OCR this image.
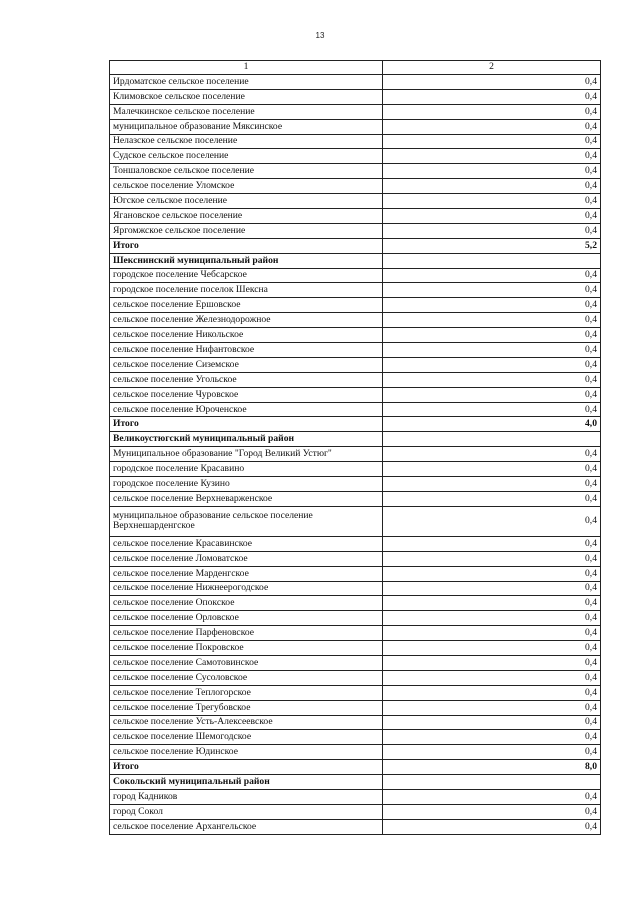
13
1	2
Ирдоматское сельское поселение	0,4
Климовское сельское поселение	0,4
Малечкинское сельское поселение	0,4
муниципальное образование Мяксинское	0,4
Нелазское сельское поселение	0,4
Судское сельское поселение	0,4
Тоншаловское сельское поселение	0,4
сельское поселение Уломское	0,4
Югское сельское поселение	0,4
Ягановское сельское поселение	0,4
Яргомжское сельское поселение	0,4
Итого	5,2
Шекснинский муниципальный район	
городское поселение Чебсарское	0,4
городское поселение поселок Шексна	0,4
сельское поселение Ершовское	0,4
сельское поселение Железнодорожное	0,4
сельское поселение Никольское	0,4
сельское поселение Нифантовское	0,4
сельское поселение Сиземское	0,4
сельское поселение Угольское	0,4
сельское поселение Чуровское	0,4
сельское поселение Юроченское	0,4
Итого	4,0
Великоустюгский муниципальный район	
Муниципальное образование "Город Великий Устюг"	0,4
городское поселение Красавино	0,4
городское поселение Кузино	0,4
сельское поселение Верхневарженское	0,4
муниципальное образование сельское поселение Верхнешарденгское	0,4
сельское поселение Красавинское	0,4
сельское поселение Ломоватское	0,4
сельское поселение Марденгское	0,4
сельское поселение Нижнеерогодское	0,4
сельское поселение Опокское	0,4
сельское поселение Орловское	0,4
сельское поселение Парфеновское	0,4
сельское поселение Покровское	0,4
сельское поселение Самотовинское	0,4
сельское поселение Сусоловское	0,4
сельское поселение Теплогорское	0,4
сельское поселение Трегубовское	0,4
сельское поселение Усть-Алексеевское	0,4
сельское поселение Шемогодское	0,4
сельское поселение Юдинское	0,4
Итого	8,0
Сокольский муниципальный район	
город Кадников	0,4
город Сокол	0,4
сельское поселение Архангельское	0,4
